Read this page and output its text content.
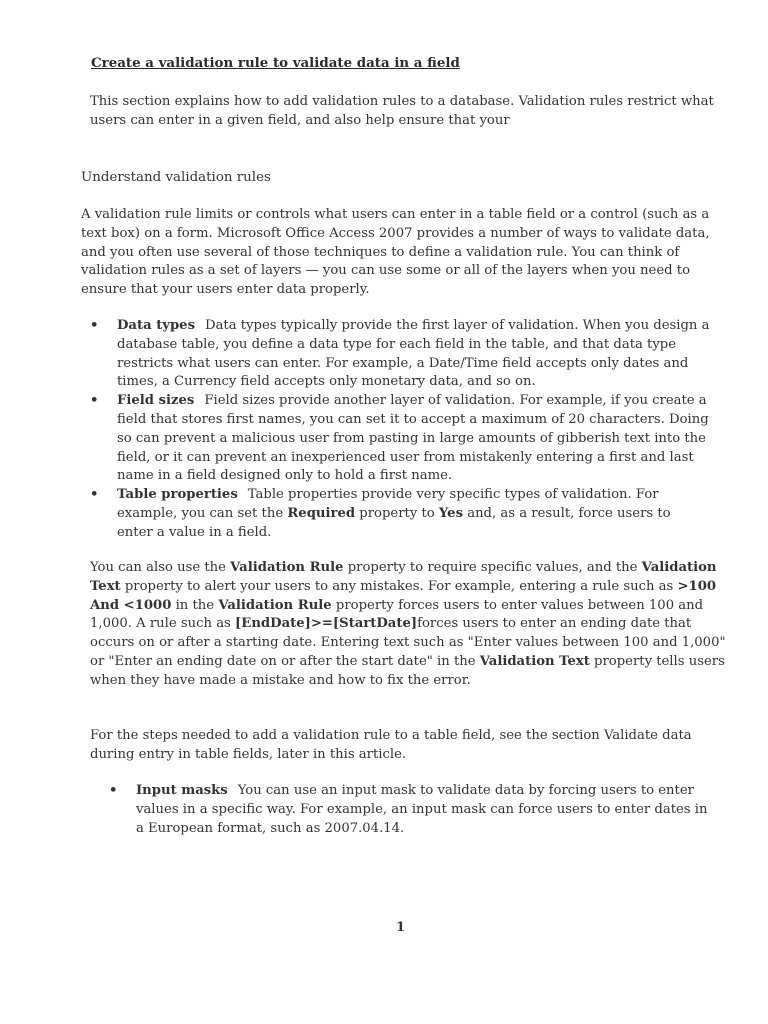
Create a validation rule to validate data in a field

This section explains how to add validation rules to a database. Validation rules restrict what users can enter in a given field, and also help ensure that your

Understand validation rules

A validation rule limits or controls what users can enter in a table field or a control (such as a text box) on a form. Microsoft Office Access 2007 provides a number of ways to validate data, and you often use several of those techniques to define a validation rule. You can think of validation rules as a set of layers — you can use some or all of the layers when you need to ensure that your users enter data properly.

• Data types Data types typically provide the first layer of validation. When you design a database table, you define a data type for each field in the table, and that data type restricts what users can enter. For example, a Date/Time field accepts only dates and times, a Currency field accepts only monetary data, and so on.
• Field sizes Field sizes provide another layer of validation. For example, if you create a field that stores first names, you can set it to accept a maximum of 20 characters. Doing so can prevent a malicious user from pasting in large amounts of gibberish text into the field, or it can prevent an inexperienced user from mistakenly entering a first and last name in a field designed only to hold a first name.
• Table properties Table properties provide very specific types of validation. For example, you can set the Required property to Yes and, as a result, force users to enter a value in a field.

You can also use the Validation Rule property to require specific values, and the Validation Text property to alert your users to any mistakes. For example, entering a rule such as >100 And <1000 in the Validation Rule property forces users to enter values between 100 and 1,000. A rule such as [EndDate]>=[StartDate]forces users to enter an ending date that occurs on or after a starting date. Entering text such as "Enter values between 100 and 1,000" or "Enter an ending date on or after the start date" in the Validation Text property tells users when they have made a mistake and how to fix the error.

For the steps needed to add a validation rule to a table field, see the section Validate data during entry in table fields, later in this article.

• Input masks You can use an input mask to validate data by forcing users to enter values in a specific way. For example, an input mask can force users to enter dates in a European format, such as 2007.04.14.

1
